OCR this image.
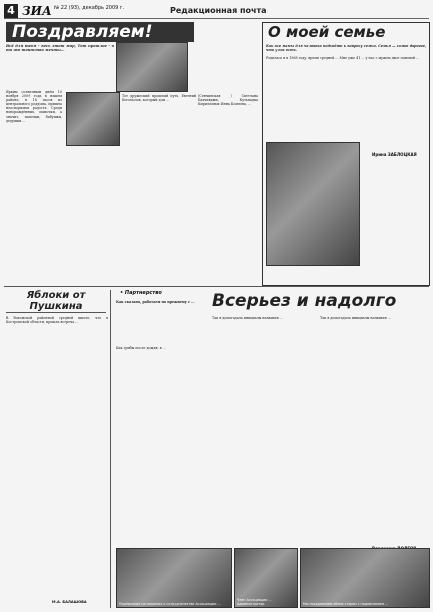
4 ЗИА № 22 (93), декабрь 2009 г.	Редакционная почта
Поздравляем!
Всё для тебя - весь этот мир, Тот прошлое - в то же таинство мечты...

Ярким солнечным днём 10 ноября 2009 года в нашем районе, в 18 часов из центрального роддома, пришла неоспоримая радость. Среди новорождённых, мамочки, а значит, папочки, бабушки, дедушки ...

Тот дружеский прошлый путь, Евгений Богомолов, который дом ...

(Сенчинская ) Светлана Бахчивджи, Кутьпадка Кирилловых Инна Комлева, ...

О моей семье
Как все мамы для человека подходят к вопросу семьи. Семья — самое дорогое, что у нас есть.

Родилась я в 1968 году, время средней ... Мне уже 41 ... у нас с мужем двое сыновей ...

Ирина ЗАБЛОЦКАЯ
Яблоки от Пушкина

В Вохомской районной средней школе, что в Костромской области, прошла встреча ...

М.А. БАЛАШОВА
• Партнерство
Как сказано, работаем по прежнему с ...

Как грибы после дождя, в ...

Всерьез и надолго

Так я домогадала инициалы названия ...	Так я домогадала инициалы названия ...

Подписание соглашения о сотрудничестве Ассоциации ...
Член Ассоциации ... Администратор	Мы поздравляем обеих сторон с подписанием ...
